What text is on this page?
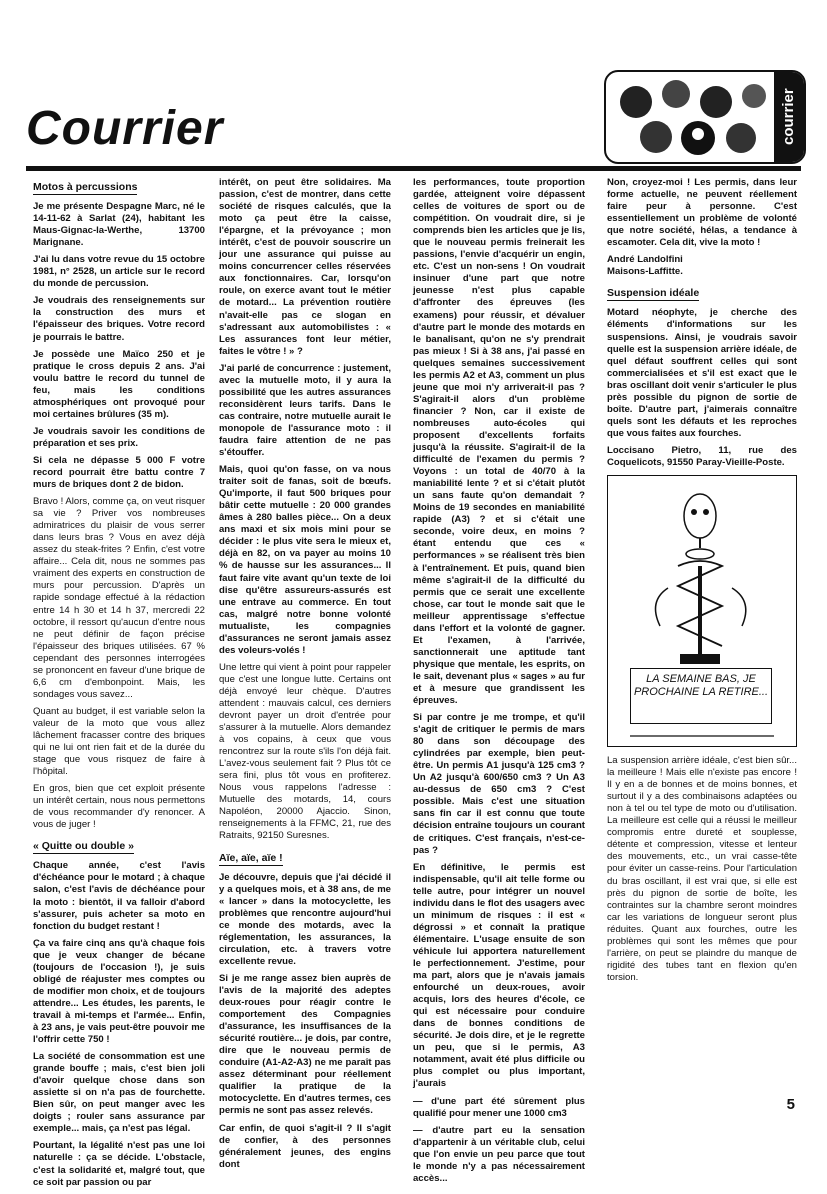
Courrier	courrier
Motos à percussions

Je me présente Despagne Marc, né le 14-11-62 à Sarlat (24), habitant les Maus-Gignac-la-Werthe, 13700 Marignane.

J'ai lu dans votre revue du 15 octobre 1981, n° 2528, un article sur le record du monde de percussion.

Je voudrais des renseignements sur la construction des murs et l'épaisseur des briques. Votre record je pourrais le battre.

Je possède une Maïco 250 et je pratique le cross depuis 2 ans. J'ai voulu battre le record du tunnel de feu, mais les conditions atmosphériques ont provoqué pour moi certaines brûlures (35 m).

Je voudrais savoir les conditions de préparation et ses prix.

Si cela ne dépasse 5 000 F votre record pourrait être battu contre 7 murs de briques dont 2 de bidon.

Bravo ! Alors, comme ça, on veut risquer sa vie ? Priver vos nombreuses admiratrices du plaisir de vous serrer dans leurs bras ? Vous en avez déjà assez du steak-frites ? Enfin, c'est votre affaire... Cela dit, nous ne sommes pas vraiment des experts en construction de murs pour percussion. D'après un rapide sondage effectué à la rédaction entre 14 h 30 et 14 h 37, mercredi 22 octobre, il ressort qu'aucun d'entre nous ne peut définir de façon précise l'épaisseur des briques utilisées. 67 % cependant des personnes interrogées se prononcent en faveur d'une brique de 6,6 cm d'embonpoint. Mais, les sondages vous savez...

Quant au budget, il est variable selon la valeur de la moto que vous allez lâchement fracasser contre des briques qui ne lui ont rien fait et de la durée du stage que vous risquez de faire à l'hôpital.

En gros, bien que cet exploit présente un intérêt certain, nous nous permettons de vous recommander d'y renoncer. A vous de juger !

« Quitte ou double »

Chaque année, c'est l'avis d'échéance pour le motard ; à chaque salon, c'est l'avis de déchéance pour la moto : bientôt, il va falloir d'abord s'assurer, puis acheter sa moto en fonction du budget restant !

Ça va faire cinq ans qu'à chaque fois que je veux changer de bécane (toujours de l'occasion !), je suis obligé de réajuster mes comptes ou de modifier mon choix, et de toujours attendre... Les études, les parents, le travail à mi-temps et l'armée... Enfin, à 23 ans, je vais peut-être pouvoir me l'offrir cette 750 !

La société de consommation est une grande bouffe ; mais, c'est bien joli d'avoir quelque chose dans son assiette si on n'a pas de fourchette. Bien sûr, on peut manger avec les doigts ; rouler sans assurance par exemple... mais, ça n'est pas légal.

Pourtant, la légalité n'est pas une loi naturelle : ça se décide. L'obstacle, c'est la solidarité et, malgré tout, que ce soit par passion ou par

intérêt, on peut être solidaires. Ma passion, c'est de montrer, dans cette société de risques calculés, que la moto ça peut être la caisse, l'épargne, et la prévoyance ; mon intérêt, c'est de pouvoir souscrire un jour une assurance qui puisse au moins concurrencer celles réservées aux fonctionnaires. Car, lorsqu'on roule, on exerce avant tout le métier de motard... La prévention routière n'avait-elle pas ce slogan en s'adressant aux automobilistes : « Les assurances font leur métier, faites le vôtre ! » ?

J'ai parlé de concurrence : justement, avec la mutuelle moto, il y aura la possibilité que les autres assurances reconsidèrent leurs tarifs. Dans le cas contraire, notre mutuelle aurait le monopole de l'assurance moto : il faudra faire attention de ne pas s'étouffer.

Mais, quoi qu'on fasse, on va nous traiter soit de fanas, soit de bœufs. Qu'importe, il faut 500 briques pour bâtir cette mutuelle : 20 000 grandes âmes à 280 balles pièce... On a deux ans maxi et six mois mini pour se décider : le plus vite sera le mieux et, déjà en 82, on va payer au moins 10 % de hausse sur les assurances... Il faut faire vite avant qu'un texte de loi dise qu'être assureurs-assurés est une entrave au commerce. En tout cas, malgré notre bonne volonté mutualiste, les compagnies d'assurances ne seront jamais assez des voleurs-volés !

Une lettre qui vient à point pour rappeler que c'est une longue lutte. Certains ont déjà envoyé leur chèque. D'autres attendent : mauvais calcul, ces derniers devront payer un droit d'entrée pour s'assurer à la mutuelle. Alors demandez à vos copains, à ceux que vous rencontrez sur la route s'ils l'on déjà fait. L'avez-vous seulement fait ? Plus tôt ce sera fini, plus tôt vous en profiterez. Nous vous rappelons l'adresse : Mutuelle des motards, 14, cours Napoléon, 20000 Ajaccio. Sinon, renseignements à la FFMC, 21, rue des Ratraits, 92150 Suresnes.

Aïe, aïe, aïe !

Je découvre, depuis que j'ai décidé il y a quelques mois, et à 38 ans, de me « lancer » dans la motocyclette, les problèmes que rencontre aujourd'hui ce monde des motards, avec la réglementation, les assurances, la circulation, etc. à travers votre excellente revue.

Si je me range assez bien auprès de l'avis de la majorité des adeptes deux-roues pour réagir contre le comportement des Compagnies d'assurance, les insuffisances de la sécurité routière... je dois, par contre, dire que le nouveau permis de conduire (A1-A2-A3) ne me paraît pas assez déterminant pour réellement qualifier la pratique de la motocyclette. En d'autres termes, ces permis ne sont pas assez relevés.

Car enfin, de quoi s'agit-il ? Il s'agit de confier, à des personnes généralement jeunes, des engins dont

les performances, toute proportion gardée, atteignent voire dépassent celles de voitures de sport ou de compétition. On voudrait dire, si je comprends bien les articles que je lis, que le nouveau permis freinerait les passions, l'envie d'acquérir un engin, etc. C'est un non-sens ! On voudrait insinuer d'une part que notre jeunesse n'est plus capable d'affronter des épreuves (les examens) pour réussir, et dévaluer d'autre part le monde des motards en le banalisant, qu'on ne s'y prendrait pas mieux ! Si à 38 ans, j'ai passé en quelques semaines successivement les permis A2 et A3, comment un plus jeune que moi n'y arriverait-il pas ? S'agirait-il alors d'un problème financier ? Non, car il existe de nombreuses auto-écoles qui proposent d'excellents forfaits jusqu'à la réussite. S'agirait-il de la difficulté de l'examen du permis ? Voyons : un total de 40/70 à la maniabilité lente ? et si c'était plutôt un sans faute qu'on demandait ? Moins de 19 secondes en maniabilité rapide (A3) ? et si c'était une seconde, voire deux, en moins ? étant entendu que ces « performances » se réalisent très bien à l'entraînement. Et puis, quand bien même s'agirait-il de la difficulté du permis que ce serait une excellente chose, car tout le monde sait que le meilleur apprentissage s'effectue dans l'effort et la volonté de gagner. Et l'examen, à l'arrivée, sanctionnerait une aptitude tant physique que mentale, les esprits, on le sait, devenant plus « sages » au fur et à mesure que grandissent les épreuves.

Si par contre je me trompe, et qu'il s'agit de critiquer le permis de mars 80 dans son découpage des cylindrées par exemple, bien peut-être. Un permis A1 jusqu'à 125 cm3 ? Un A2 jusqu'à 600/650 cm3 ? Un A3 au-dessus de 650 cm3 ? C'est possible. Mais c'est une situation sans fin car il est connu que toute décision entraîne toujours un courant de critiques. C'est français, n'est-ce-pas ?

En définitive, le permis est indispensable, qu'il ait telle forme ou telle autre, pour intégrer un nouvel individu dans le flot des usagers avec un minimum de risques : il est « dégrossi » et connaît la pratique élémentaire. L'usage ensuite de son véhicule lui apportera naturellement le perfectionnement. J'estime, pour ma part, alors que je n'avais jamais enfourché un deux-roues, avoir acquis, lors des heures d'école, ce qui est nécessaire pour conduire dans de bonnes conditions de sécurité. Je dois dire, et je le regrette un peu, que si le permis, A3 notamment, avait été plus difficile ou plus complet ou plus important, j'aurais

— d'une part été sûrement plus qualifié pour mener une 1000 cm3

— d'autre part eu la sensation d'appartenir à un véritable club, celui que l'on envie un peu parce que tout le monde n'y a pas nécessairement accès...

Non, croyez-moi ! Les permis, dans leur forme actuelle, ne peuvent réellement faire peur à personne. C'est essentiellement un problème de volonté que notre société, hélas, a tendance à escamoter. Cela dit, vive la moto !

André Landolfini

Maisons-Laffitte.

Suspension idéale

Motard néophyte, je cherche des éléments d'informations sur les suspensions. Ainsi, je voudrais savoir quelle est la suspension arrière idéale, de quel défaut souffrent celles qui sont commercialisées et s'il est exact que le bras oscillant doit venir s'articuler le plus près possible du pignon de sortie de boîte. D'autre part, j'aimerais connaître quels sont les défauts et les reproches que vous faites aux fourches.

Loccisano Pietro, 11, rue des Coquelicots, 91550 Paray-Vieille-Poste.

LA SEMAINE BAS, JE PROCHAINE LA RETIRE...

La suspension arrière idéale, c'est bien sûr... la meilleure ! Mais elle n'existe pas encore ! Il y en a de bonnes et de moins bonnes, et surtout il y a des combinaisons adaptées ou non à tel ou tel type de moto ou d'utilisation. La meilleure est celle qui a réussi le meilleur compromis entre dureté et souplesse, détente et compression, vitesse et lenteur des mouvements, etc., un vrai casse-tête pour éviter un casse-reins. Pour l'articulation du bras oscillant, il est vrai que, si elle est près du pignon de sortie de boîte, les contraintes sur la chambre seront moindres car les variations de longueur seront plus réduites. Quant aux fourches, outre les problèmes qui sont les mêmes que pour l'arrière, on peut se plaindre du manque de rigidité des tubes tant en flexion qu'en torsion.

5
